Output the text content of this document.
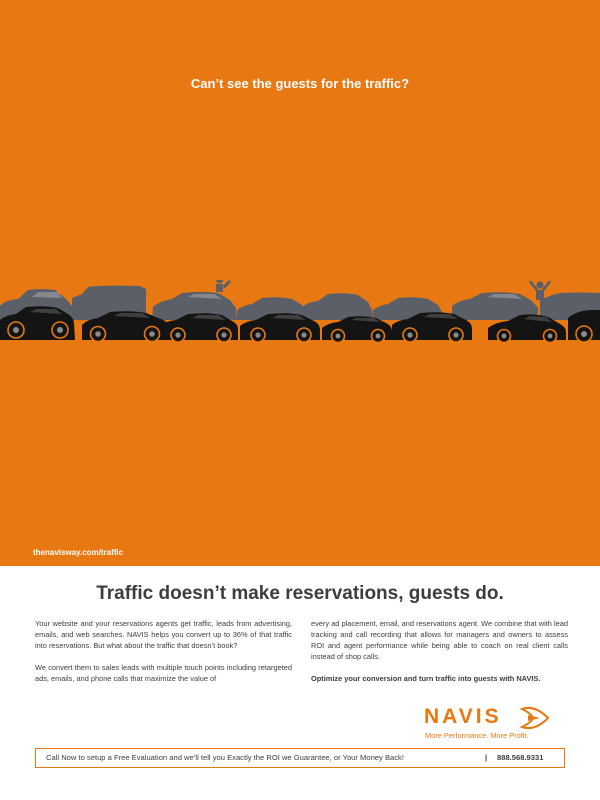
Can’t see the guests for the traffic?
thenavisway.com/traffic
Traffic doesn’t make reservations, guests do.

Your website and your reservations agents get traffic, leads from advertising, emails, and web searches. NAVIS helps you convert up to 36% of that traffic into reservations. But what about the traffic that doesn’t book?

We convert them to sales leads with multiple touch points including retargeted ads, emails, and phone calls that maximize the value of

every ad placement, email, and reservations agent. We combine that with lead tracking and call recording that allows for managers and owners to assess ROI and agent performance while being able to coach on real client calls instead of shop calls.

Optimize your conversion and turn traffic into guests with NAVIS.

NAVIS
More Performance. More Profit.
Call Now to setup a Free Evaluation and we’ll tell you Exactly the ROI we Guarantee, or Your Money Back!	| 888.568.9331
